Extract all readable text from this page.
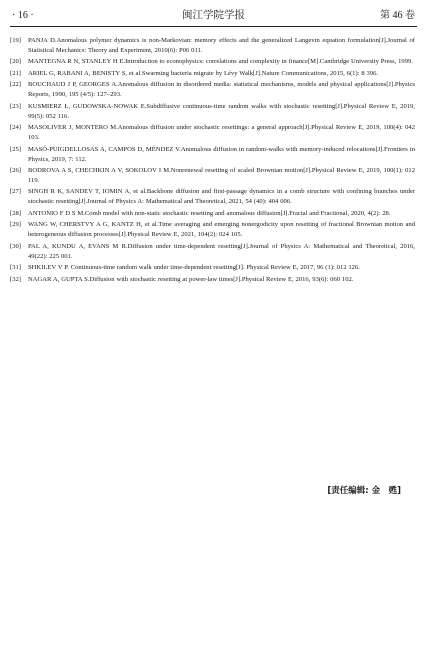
· 16 ·	闽江学院学报	第 46 卷
[19] PANJA D.Anomalous polymer dynamics is non-Markovian: memory effects and the generalized Langevin equation formulation[J].Journal of Statistical Mechanics: Theory and Experiment, 2010(6): P06 011.
[20] MANTEGNA R N, STANLEY H E.Introduction to econophysics: correlations and complexity in finance[M].Cambridge University Press, 1999.
[21] ARIEL G, RABANI A, BENISTY S, et al.Swarming bacteria migrate by Lévy Walk[J].Nature Communications, 2015, 6(1): 8 396.
[22] BOUCHAUD J P, GEORGES A.Anomalous diffusion in disordered media: statistical mechanisms, models and physical applications[J].Physics Reports, 1990, 195 (4/5): 127–293.
[23] KUSMIERZ Ł, GUDOWSKA-NOWAK E.Subdiffusive continuous-time random walks with stochastic resetting[J].Physical Review E, 2019, 99(5): 052 116.
[24] MASOLIVER J, MONTERO M.Anomalous diffusion under stochastic resettings: a general approach[J].Physical Review E, 2019, 100(4): 042 103.
[25] MASÓ-PUIGDELLOSAS A, CAMPOS D, MÉNDEZ V.Anomalous diffusion in random-walks with memory-induced relocations[J].Frontiers in Physics, 2019, 7: 112.
[26] BODROVA A S, CHECHKIN A V, SOKOLOV I M.Nonrenewal resetting of scaled Brownian motion[J].Physical Review E, 2019, 100(1): 012 119.
[27] SINGH R K, SANDEV T, IOMIN A, et al.Backbone diffusion and first-passage dynamics in a comb structure with confining branches under stochastic resetting[J].Journal of Physics A: Mathematical and Theoretical, 2021, 54 (40): 404 006.
[28] ANTONIO F D S M.Comb model with non-static stochastic resetting and anomalous diffusion[J].Fractal and Fractional, 2020, 4(2): 28.
[29] WANG W, CHERSTVY A G, KANTZ H, et al.Time averaging and emerging nonergodicity upon resetting of fractional Brownian motion and heterogeneous diffusion processes[J].Physical Review E, 2021, 104(2): 024 105.
[30] PAL A, KUNDU A, EVANS M R.Diffusion under time-dependent resetting[J].Journal of Physics A: Mathematical and Theoretical, 2016, 49(22): 225 001.
[31] SHKILEV V P. Continuous-time random walk under time-dependent resetting[J]. Physical Review E, 2017, 96 (1): 012 126.
[32] NAGAR A, GUPTA S.Diffusion with stochastic resetting at power-law times[J].Physical Review E, 2016, 93(6): 060 102.
[责任编辑: 金　甦]
